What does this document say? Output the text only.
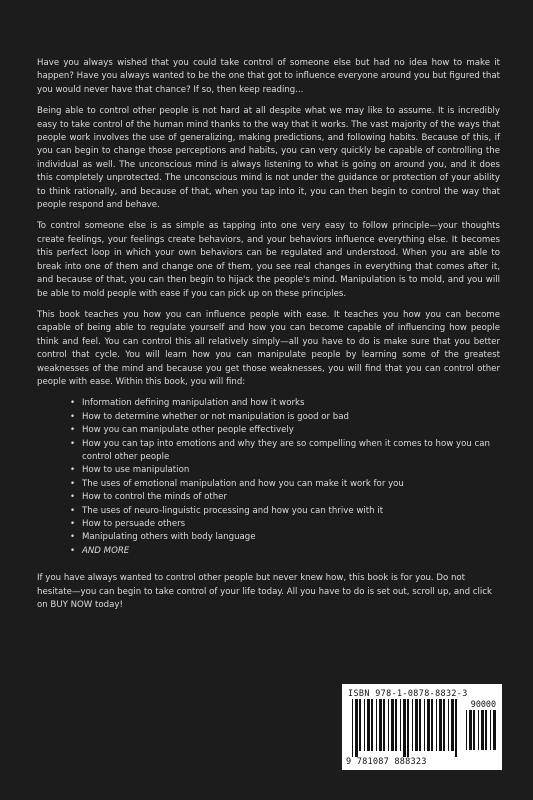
Have you always wished that you could take control of someone else but had no idea how to make it happen? Have you always wanted to be the one that got to influence everyone around you but figured that you would never have that chance? If so, then keep reading...

Being able to control other people is not hard at all despite what we may like to assume. It is incredibly easy to take control of the human mind thanks to the way that it works. The vast majority of the ways that people work involves the use of generalizing, making predictions, and following habits. Because of this, if you can begin to change those perceptions and habits, you can very quickly be capable of controlling the individual as well. The unconscious mind is always listening to what is going on around you, and it does this completely unprotected. The unconscious mind is not under the guidance or protection of your ability to think rationally, and because of that, when you tap into it, you can then begin to control the way that people respond and behave.

To control someone else is as simple as tapping into one very easy to follow principle—your thoughts create feelings, your feelings create behaviors, and your behaviors influence everything else. It becomes this perfect loop in which your own behaviors can be regulated and understood. When you are able to break into one of them and change one of them, you see real changes in everything that comes after it, and because of that, you can then begin to hijack the people's mind. Manipulation is to mold, and you will be able to mold people with ease if you can pick up on these principles.

This book teaches you how you can influence people with ease. It teaches you how you can become capable of being able to regulate yourself and how you can become capable of influencing how people think and feel. You can control this all relatively simply—all you have to do is make sure that you better control that cycle. You will learn how you can manipulate people by learning some of the greatest weaknesses of the mind and because you get those weaknesses, you will find that you can control other people with ease. Within this book, you will find:

• Information defining manipulation and how it works
• How to determine whether or not manipulation is good or bad
• How you can manipulate other people effectively
• How you can tap into emotions and why they are so compelling when it comes to how you can control other people
• How to use manipulation
• The uses of emotional manipulation and how you can make it work for you
• How to control the minds of other
• The uses of neuro-linguistic processing and how you can thrive with it
• How to persuade others
• Manipulating others with body language
• AND MORE

If you have always wanted to control other people but never knew how, this book is for you. Do not hesitate—you can begin to take control of your life today. All you have to do is set out, scroll up, and click on BUY NOW today!

ISBN 978-1-0878-8832-3
90000
9 781087 888323
